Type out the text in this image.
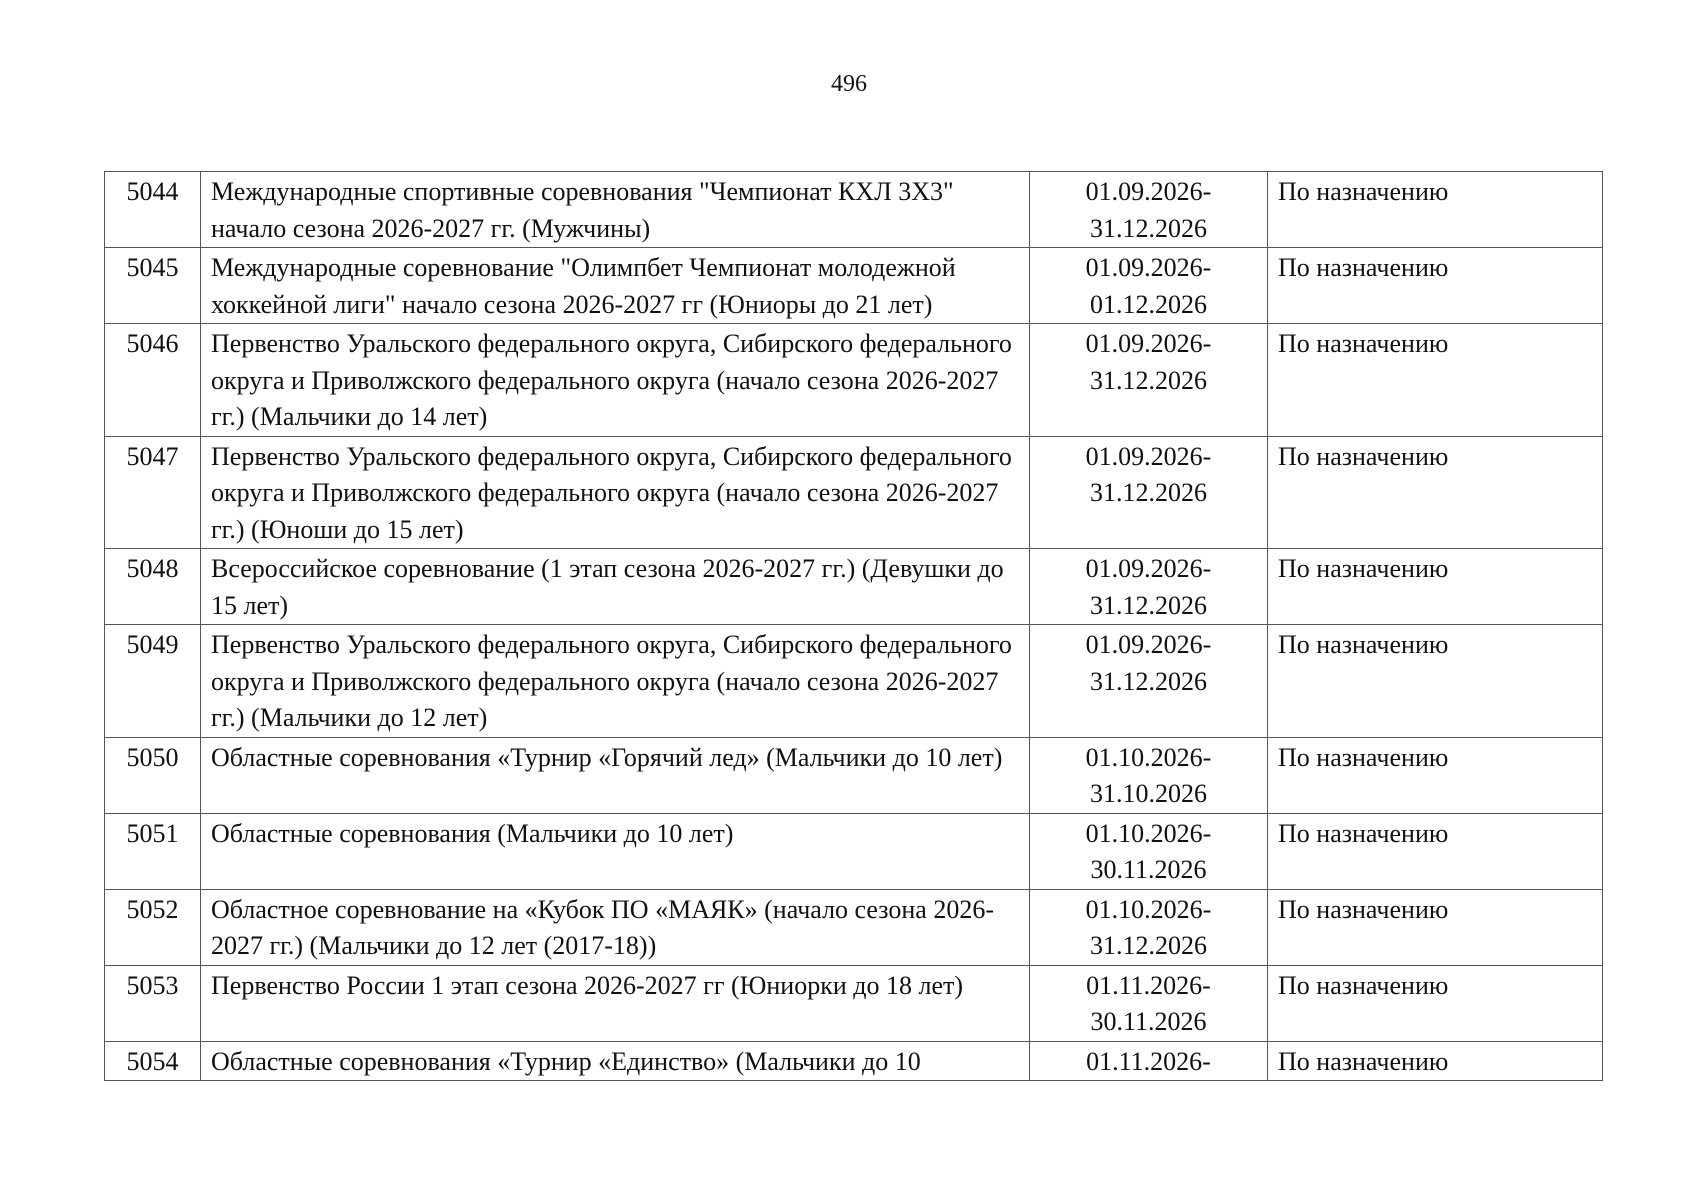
496
5044	Международные спортивные соревнования "Чемпионат КХЛ 3Х3" начало сезона 2026-2027 гг. (Мужчины)	01.09.2026-31.12.2026	По назначению
5045	Международные соревнование "Олимпбет Чемпионат молодежной хоккейной лиги" начало сезона 2026-2027 гг (Юниоры до 21 лет)	01.09.2026-01.12.2026	По назначению
5046	Первенство Уральского федерального округа, Сибирского федерального округа и Приволжского федерального округа (начало сезона 2026-2027 гг.) (Мальчики до 14 лет)	01.09.2026-31.12.2026	По назначению
5047	Первенство Уральского федерального округа, Сибирского федерального округа и Приволжского федерального округа (начало сезона 2026-2027 гг.) (Юноши до 15 лет)	01.09.2026-31.12.2026	По назначению
5048	Всероссийское соревнование (1 этап сезона 2026-2027 гг.) (Девушки до 15 лет)	01.09.2026-31.12.2026	По назначению
5049	Первенство Уральского федерального округа, Сибирского федерального округа и Приволжского федерального округа (начало сезона 2026-2027 гг.) (Мальчики до 12 лет)	01.09.2026-31.12.2026	По назначению
5050	Областные соревнования «Турнир «Горячий лед» (Мальчики до 10 лет)	01.10.2026-31.10.2026	По назначению
5051	Областные соревнования (Мальчики до 10 лет)	01.10.2026-30.11.2026	По назначению
5052	Областное соревнование на «Кубок ПО «МАЯК» (начало сезона 2026-2027 гг.) (Мальчики до 12 лет (2017-18))	01.10.2026-31.12.2026	По назначению
5053	Первенство России 1 этап сезона 2026-2027 гг (Юниорки до 18 лет)	01.11.2026-30.11.2026	По назначению
5054	Областные соревнования «Турнир «Единство» (Мальчики до 10	01.11.2026-	По назначению
